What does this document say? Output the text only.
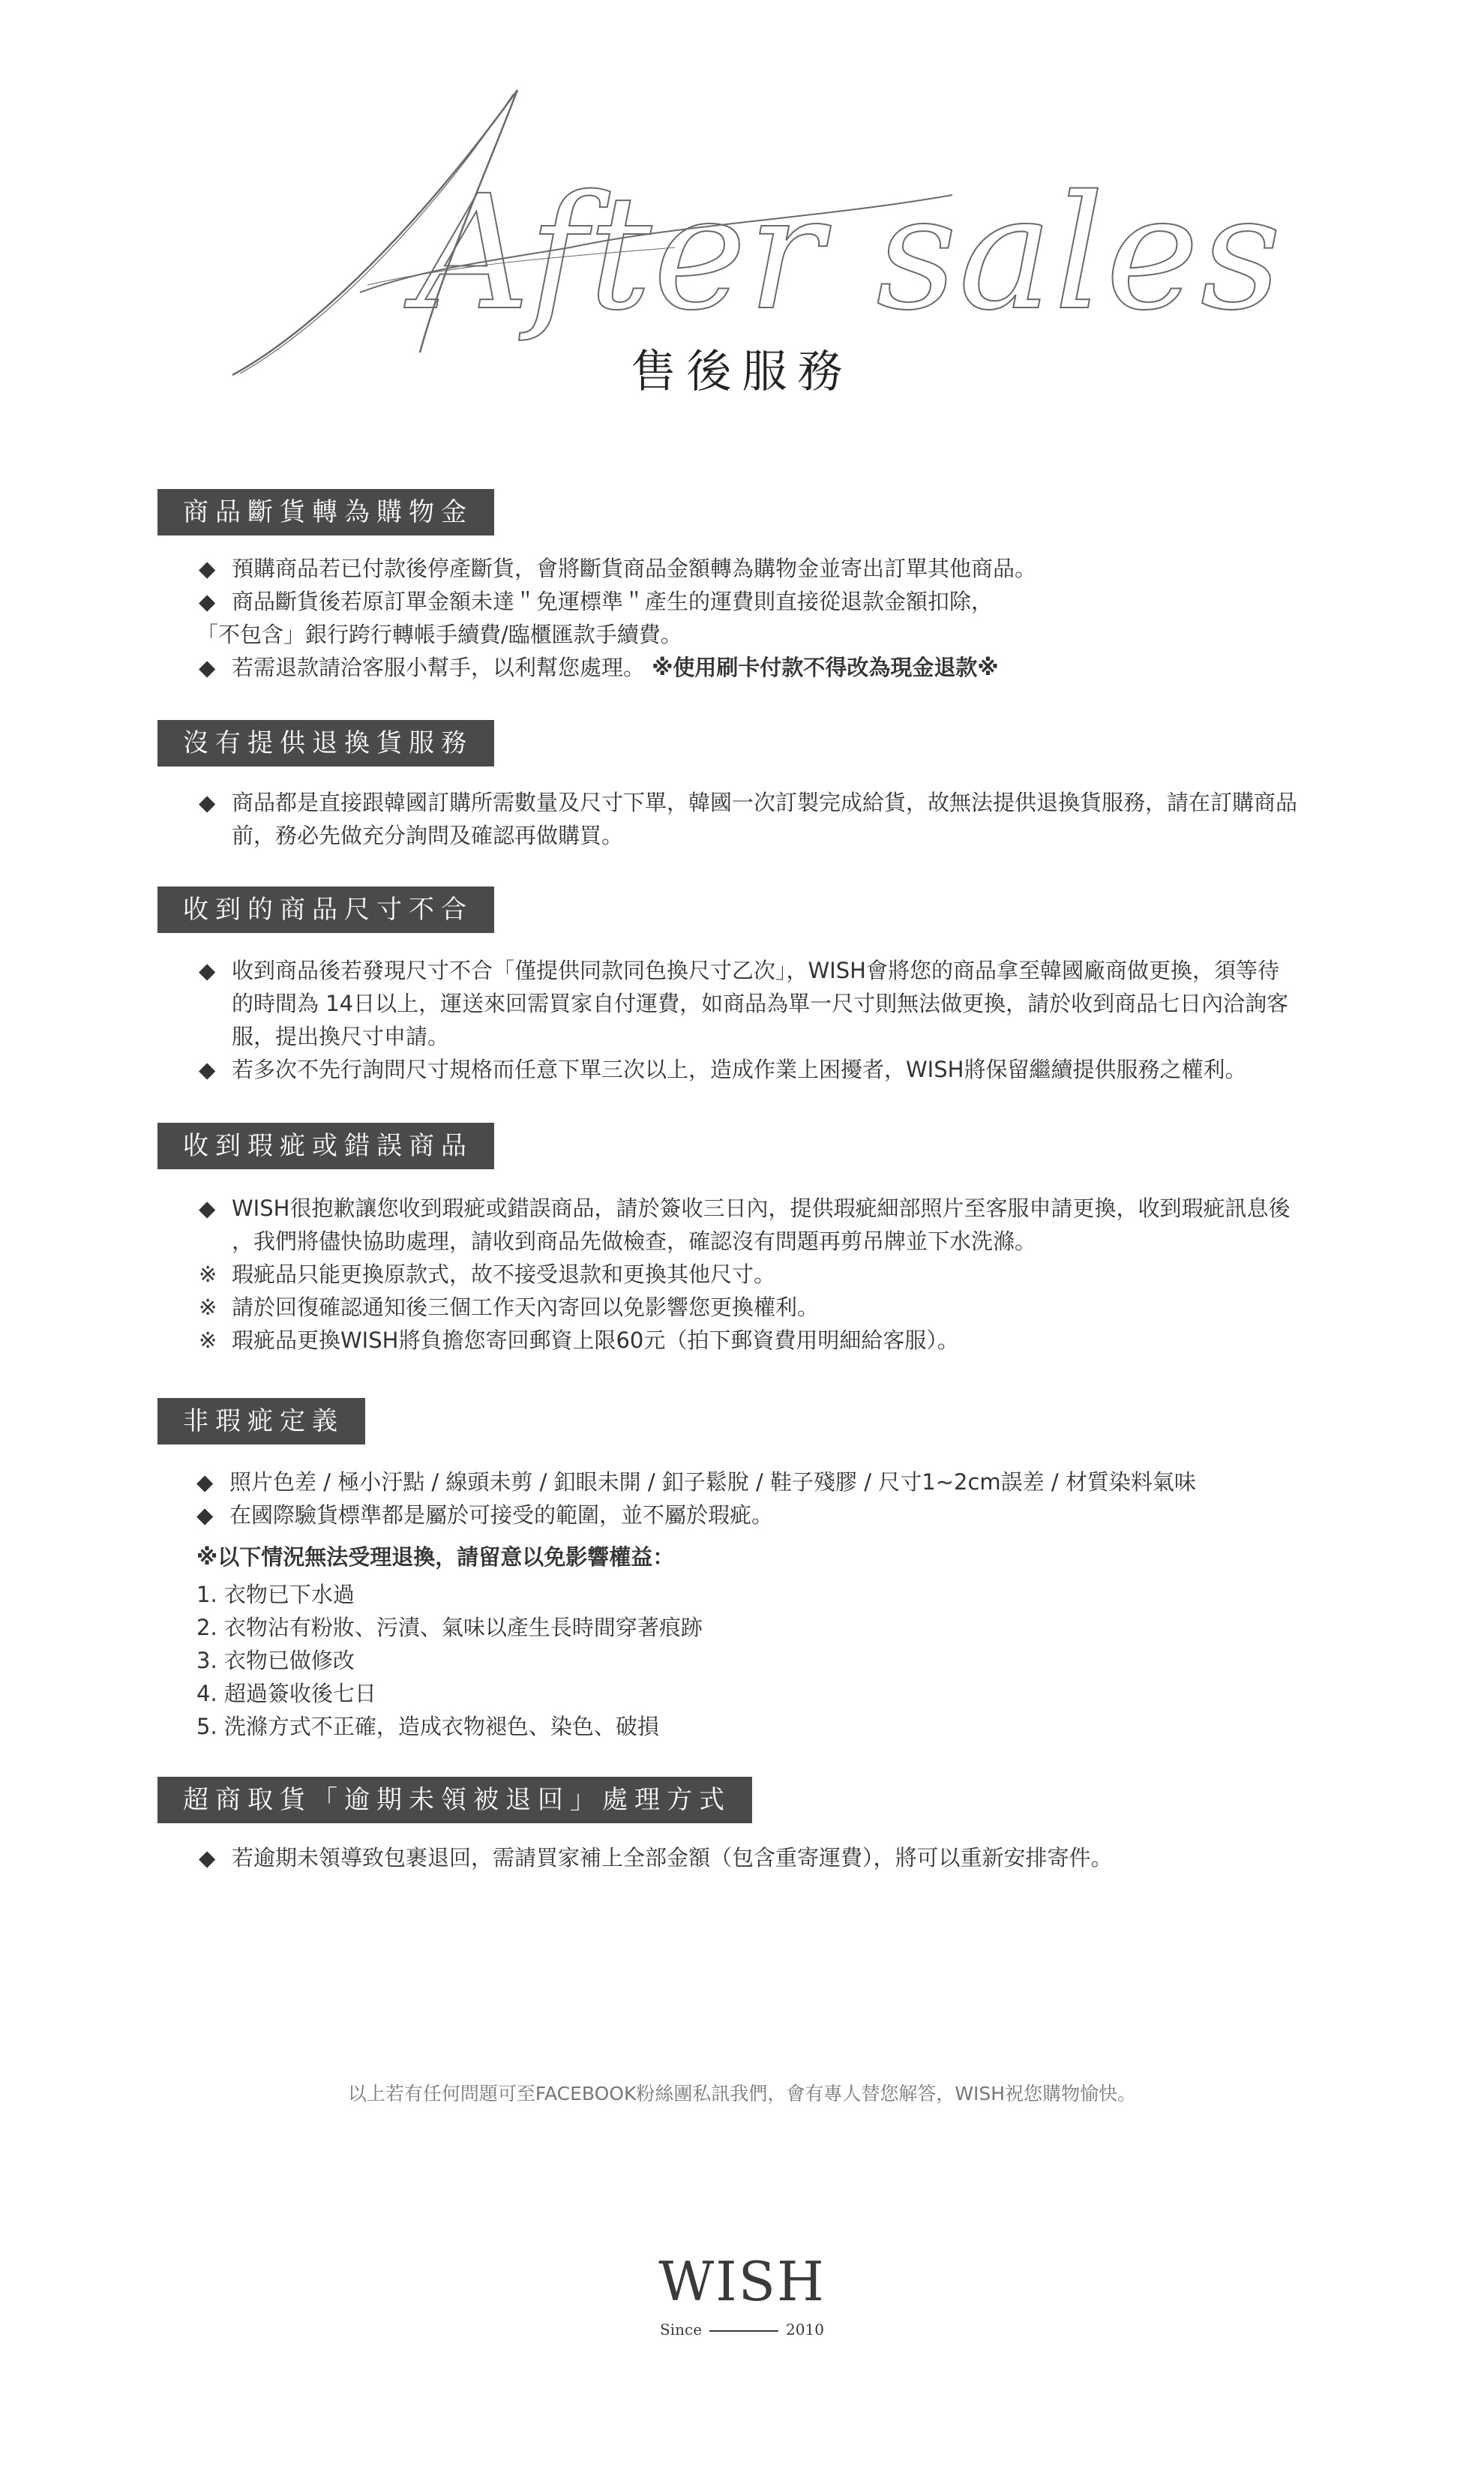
After sales
售後服務
商品斷貨轉為購物金
◆ 預購商品若已付款後停產斷貨，會將斷貨商品金額轉為購物金並寄出訂單其他商品。
◆ 商品斷貨後若原訂單金額未達＂免運標準＂產生的運費則直接從退款金額扣除，
「不包含」銀行跨行轉帳手續費/臨櫃匯款手續費。
◆ 若需退款請洽客服小幫手，以利幫您處理。 ※使用刷卡付款不得改為現金退款※
沒有提供退換貨服務
◆ 商品都是直接跟韓國訂購所需數量及尺寸下單，韓國一次訂製完成給貨，故無法提供退換貨服務，請在訂購商品
前，務必先做充分詢問及確認再做購買。
收到的商品尺寸不合
◆ 收到商品後若發現尺寸不合「僅提供同款同色換尺寸乙次」，WISH會將您的商品拿至韓國廠商做更換，須等待
的時間為 14日以上，運送來回需買家自付運費，如商品為單一尺寸則無法做更換，請於收到商品七日內洽詢客
服，提出換尺寸申請。
◆ 若多次不先行詢問尺寸規格而任意下單三次以上，造成作業上困擾者，WISH將保留繼續提供服務之權利。
收到瑕疵或錯誤商品
◆ WISH很抱歉讓您收到瑕疵或錯誤商品，請於簽收三日內，提供瑕疵細部照片至客服申請更換，收到瑕疵訊息後
，我們將儘快協助處理，請收到商品先做檢查，確認沒有問題再剪吊牌並下水洗滌。
※ 瑕疵品只能更換原款式，故不接受退款和更換其他尺寸。
※ 請於回復確認通知後三個工作天內寄回以免影響您更換權利。
※ 瑕疵品更換WISH將負擔您寄回郵資上限60元（拍下郵資費用明細給客服）。
非瑕疵定義
◆ 照片色差 / 極小汙點 / 線頭未剪 / 釦眼未開 / 釦子鬆脫 / 鞋子殘膠 / 尺寸1~2cm誤差 / 材質染料氣味
◆ 在國際驗貨標準都是屬於可接受的範圍，並不屬於瑕疵。
※以下情況無法受理退換，請留意以免影響權益：
1. 衣物已下水過
2. 衣物沾有粉妝、污漬、氣味以產生長時間穿著痕跡
3. 衣物已做修改
4. 超過簽收後七日
5. 洗滌方式不正確，造成衣物褪色、染色、破損
超商取貨「逾期未領被退回」處理方式
◆ 若逾期未領導致包裹退回，需請買家補上全部金額（包含重寄運費），將可以重新安排寄件。
以上若有任何問題可至FACEBOOK粉絲團私訊我們，會有專人替您解答，WISH祝您購物愉快。
WISH
Since	2010
